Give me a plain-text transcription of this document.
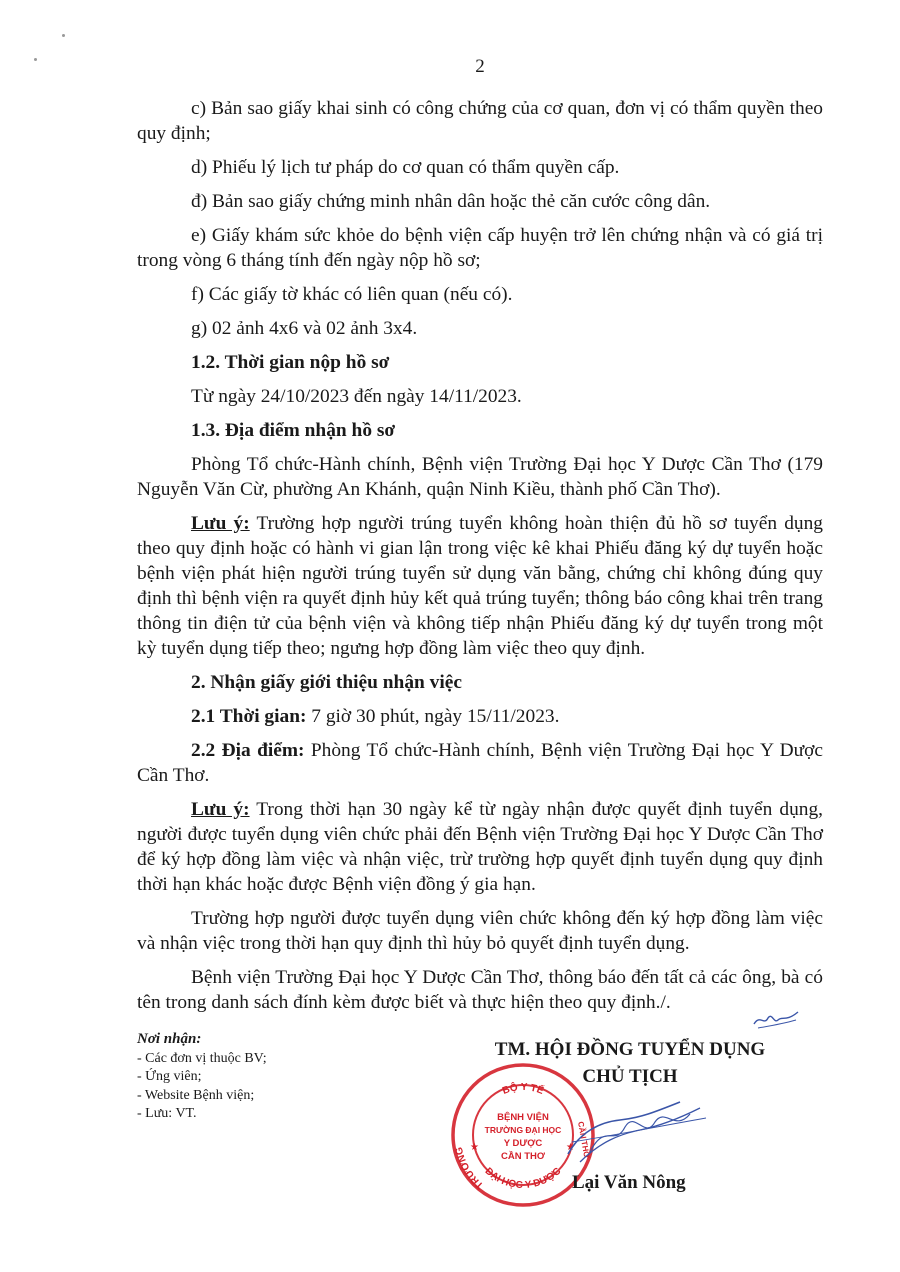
2

c) Bản sao giấy khai sinh có công chứng của cơ quan, đơn vị có thẩm quyền theo quy định;

d) Phiếu lý lịch tư pháp do cơ quan có thẩm quyền cấp.

đ) Bản sao giấy chứng minh nhân dân hoặc thẻ căn cước công dân.

e) Giấy khám sức khỏe do bệnh viện cấp huyện trở lên chứng nhận và có giá trị trong vòng 6 tháng tính đến ngày nộp hồ sơ;

f) Các giấy tờ khác có liên quan (nếu có).

g) 02 ảnh 4x6 và 02 ảnh 3x4.

1.2. Thời gian nộp hồ sơ

Từ ngày 24/10/2023 đến ngày 14/11/2023.

1.3. Địa điểm nhận hồ sơ

Phòng Tổ chức-Hành chính, Bệnh viện Trường Đại học Y Dược Cần Thơ (179 Nguyễn Văn Cừ, phường An Khánh, quận Ninh Kiều, thành phố Cần Thơ).

Lưu ý: Trường hợp người trúng tuyển không hoàn thiện đủ hồ sơ tuyển dụng theo quy định hoặc có hành vi gian lận trong việc kê khai Phiếu đăng ký dự tuyển hoặc bệnh viện phát hiện người trúng tuyển sử dụng văn bằng, chứng chỉ không đúng quy định thì bệnh viện ra quyết định hủy kết quả trúng tuyển; thông báo công khai trên trang thông tin điện tử của bệnh viện và không tiếp nhận Phiếu đăng ký dự tuyển trong một kỳ tuyển dụng tiếp theo; ngưng hợp đồng làm việc theo quy định.

2. Nhận giấy giới thiệu nhận việc

2.1 Thời gian: 7 giờ 30 phút, ngày 15/11/2023.

2.2 Địa điểm: Phòng Tổ chức-Hành chính, Bệnh viện Trường Đại học Y Dược Cần Thơ.

Lưu ý: Trong thời hạn 30 ngày kể từ ngày nhận được quyết định tuyển dụng, người được tuyển dụng viên chức phải đến Bệnh viện Trường Đại học Y Dược Cần Thơ để ký hợp đồng làm việc và nhận việc, trừ trường hợp quyết định tuyển dụng quy định thời hạn khác hoặc được Bệnh viện đồng ý gia hạn.

Trường hợp người được tuyển dụng viên chức không đến ký hợp đồng làm việc và nhận việc trong thời hạn quy định thì hủy bỏ quyết định tuyển dụng.

Bệnh viện Trường Đại học Y Dược Cần Thơ, thông báo đến tất cả các ông, bà có tên trong danh sách đính kèm được biết và thực hiện theo quy định./.

Nơi nhận:
- Các đơn vị thuộc BV;
- Ứng viên;
- Website Bệnh viện;
- Lưu: VT.
TM. HỘI ĐỒNG TUYỂN DỤNG
CHỦ TỊCH
BỘ Y TẾ
TRƯỜNG
ĐẠI HỌC Y DƯỢC
CẦN THƠ
BỆNH VIỆN
TRƯỜNG ĐẠI HỌC
Y DƯỢC
CẦN THƠ
★	★
Lại Văn Nông
